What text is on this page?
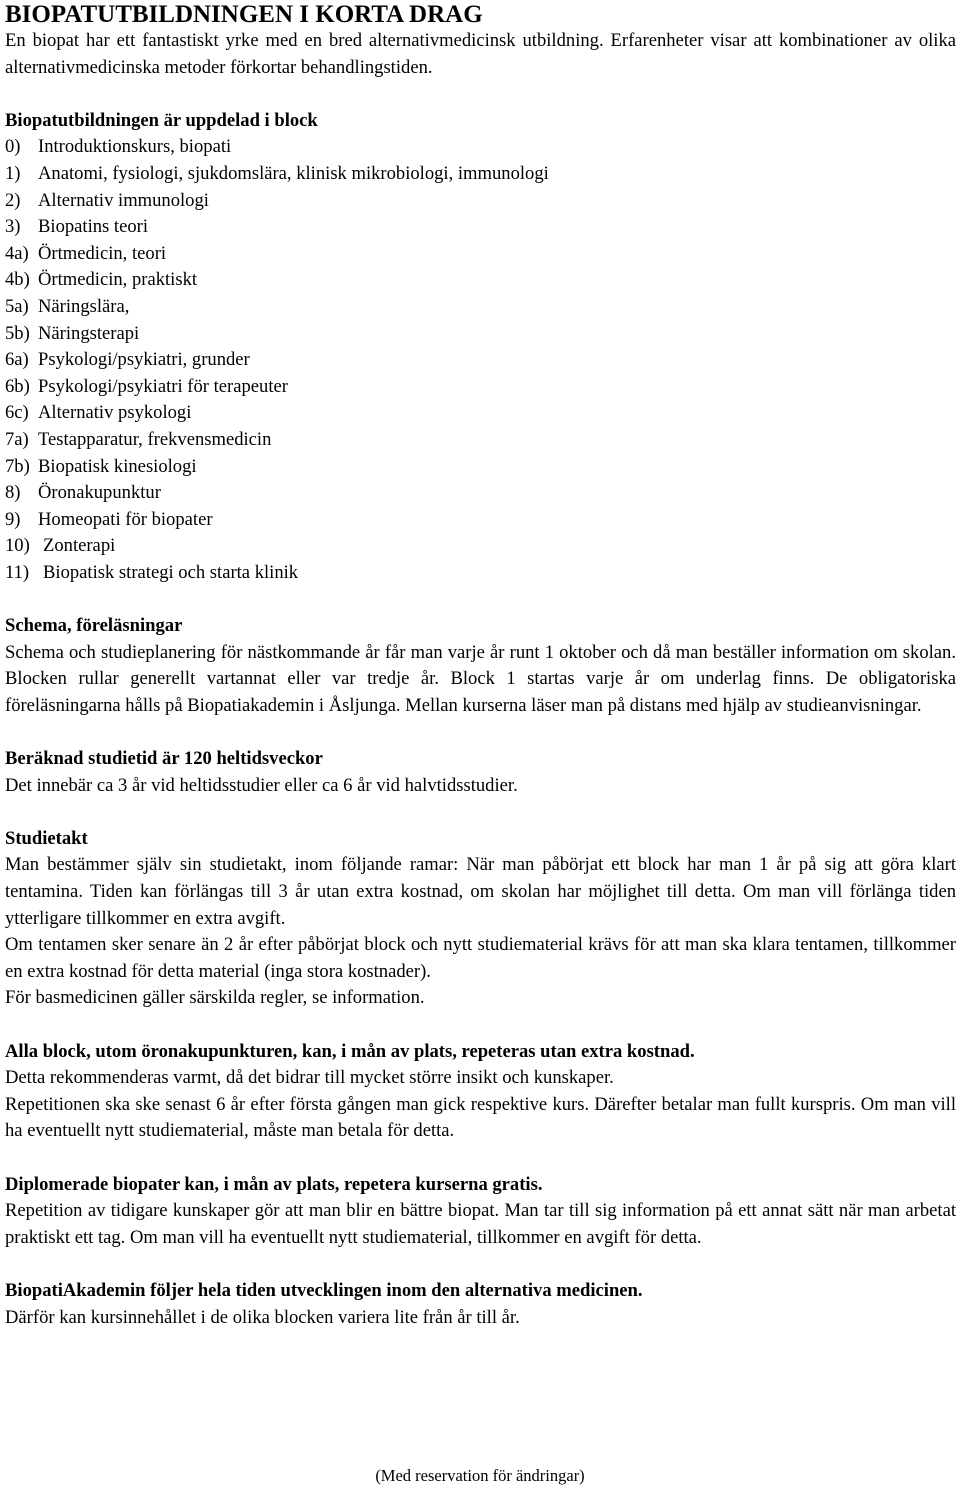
BIOPATUTBILDNINGEN I KORTA DRAG

En biopat har ett fantastiskt yrke med en bred alternativmedicinsk utbildning. Erfarenheter visar att kombinationer av olika alternativmedicinska metoder förkortar behandlingstiden.

Biopatutbildningen är uppdelad i block

0) Introduktionskurs, biopati
1) Anatomi, fysiologi, sjukdomslära, klinisk mikrobiologi, immunologi
2) Alternativ immunologi
3) Biopatins teori
4a) Örtmedicin, teori
4b) Örtmedicin, praktiskt
5a) Näringslära,
5b) Näringsterapi
6a) Psykologi/psykiatri, grunder
6b) Psykologi/psykiatri för terapeuter
6c) Alternativ psykologi
7a) Testapparatur, frekvensmedicin
7b) Biopatisk kinesiologi
8) Öronakupunktur
9) Homeopati för biopater
10) Zonterapi
11) Biopatisk strategi och starta klinik

Schema, föreläsningar

Schema och studieplanering för nästkommande år får man varje år runt 1 oktober och då man beställer information om skolan. Blocken rullar generellt vartannat eller var tredje år. Block 1 startas varje år om underlag finns. De obligatoriska föreläsningarna hålls på Biopatiakademin i Åsljunga. Mellan kurserna läser man på distans med hjälp av studieanvisningar.

Beräknad studietid är 120 heltidsveckor

Det innebär ca 3 år vid heltidsstudier eller ca 6 år vid halvtidsstudier.

Studietakt

Man bestämmer själv sin studietakt, inom följande ramar: När man påbörjat ett block har man 1 år på sig att göra klart tentamina. Tiden kan förlängas till 3 år utan extra kostnad, om skolan har möjlighet till detta. Om man vill förlänga tiden ytterligare tillkommer en extra avgift.

Om tentamen sker senare än 2 år efter påbörjat block och nytt studiematerial krävs för att man ska klara tentamen, tillkommer en extra kostnad för detta material (inga stora kostnader).

För basmedicinen gäller särskilda regler, se information.

Alla block, utom öronakupunkturen, kan, i mån av plats, repeteras utan extra kostnad.

Detta rekommenderas varmt, då det bidrar till mycket större insikt och kunskaper.

Repetitionen ska ske senast 6 år efter första gången man gick respektive kurs. Därefter betalar man fullt kurspris. Om man vill ha eventuellt nytt studiematerial, måste man betala för detta.

Diplomerade biopater kan, i mån av plats, repetera kurserna gratis.

Repetition av tidigare kunskaper gör att man blir en bättre biopat. Man tar till sig information på ett annat sätt när man arbetat praktiskt ett tag. Om man vill ha eventuellt nytt studiematerial, tillkommer en avgift för detta.

BiopatiAkademin följer hela tiden utvecklingen inom den alternativa medicinen.

Därför kan kursinnehållet i de olika blocken variera lite från år till år.

(Med reservation för ändringar)
